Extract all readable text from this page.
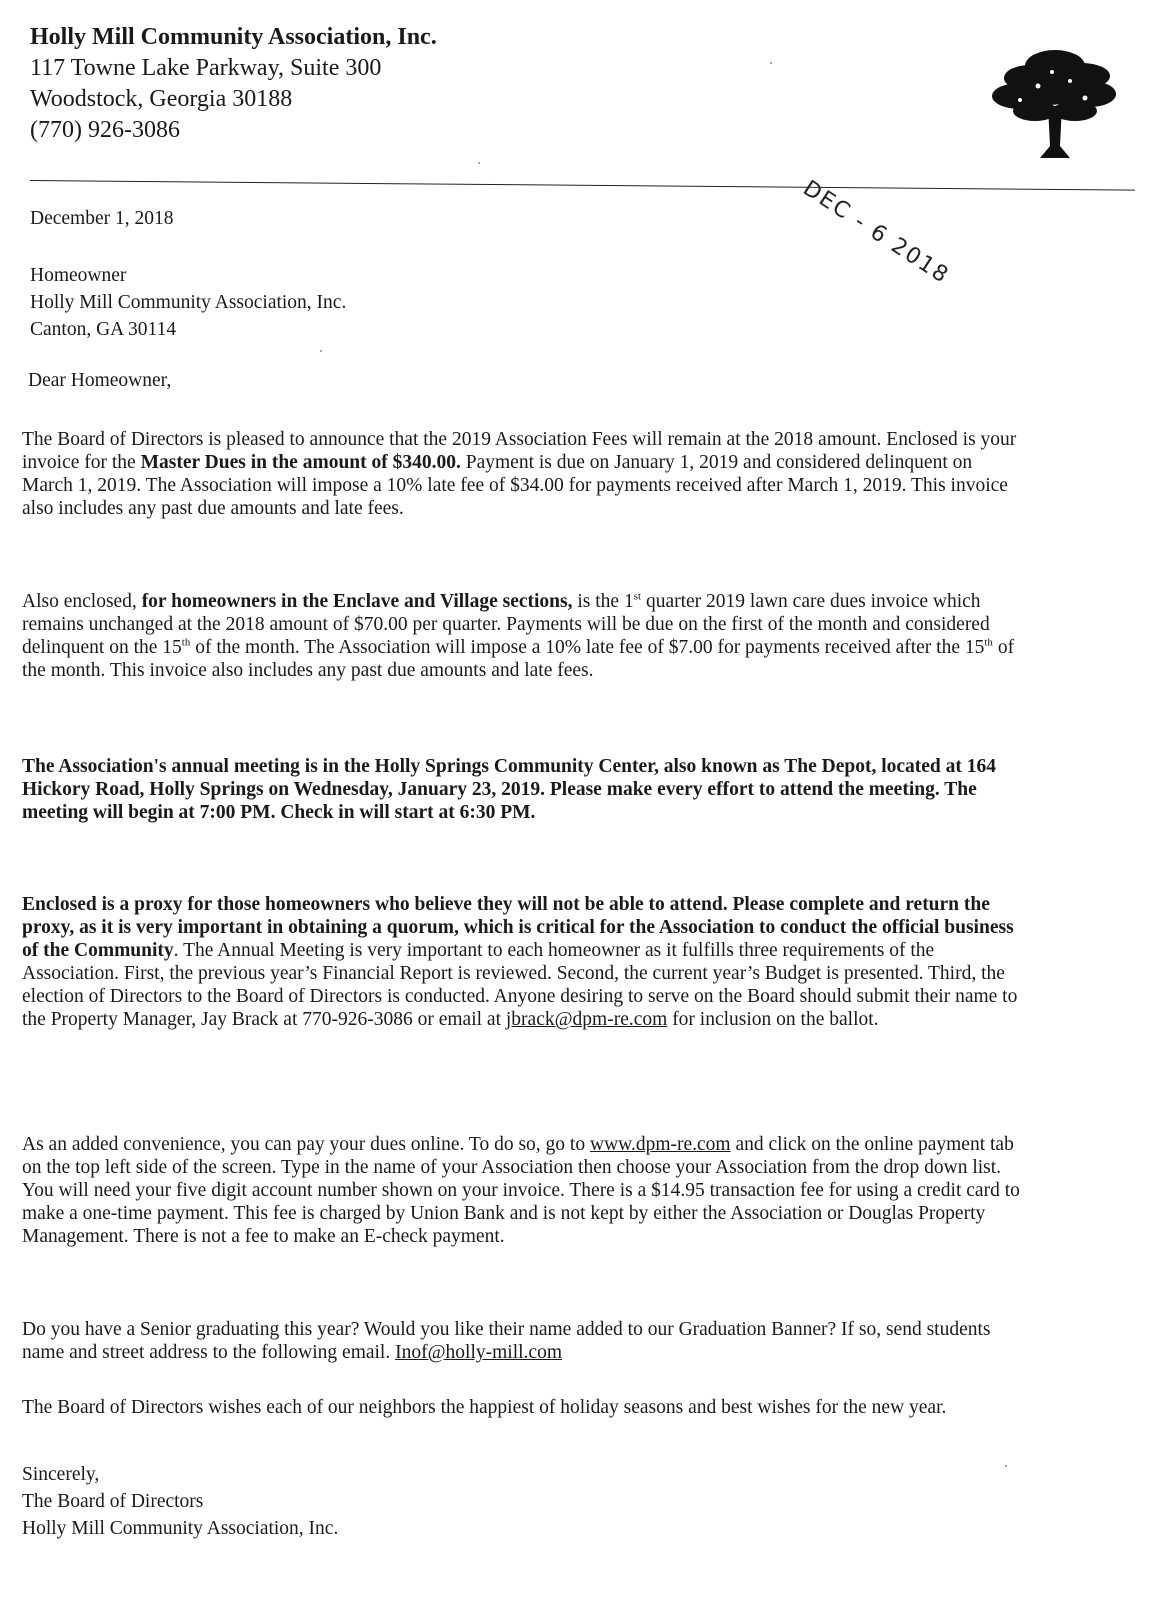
Holly Mill Community Association, Inc.
117 Towne Lake Parkway, Suite 300
Woodstock, Georgia 30188
(770) 926-3086
DEC - 6 2018
December 1, 2018
Homeowner
Holly Mill Community Association, Inc.
Canton, GA 30114
Dear Homeowner,
The Board of Directors is pleased to announce that the 2019 Association Fees will remain at the 2018 amount. Enclosed is your invoice for the Master Dues in the amount of $340.00. Payment is due on January 1, 2019 and considered delinquent on March 1, 2019. The Association will impose a 10% late fee of $34.00 for payments received after March 1, 2019. This invoice also includes any past due amounts and late fees.
Also enclosed, for homeowners in the Enclave and Village sections, is the 1st quarter 2019 lawn care dues invoice which remains unchanged at the 2018 amount of $70.00 per quarter. Payments will be due on the first of the month and considered delinquent on the 15th of the month. The Association will impose a 10% late fee of $7.00 for payments received after the 15th of the month. This invoice also includes any past due amounts and late fees.
The Association's annual meeting is in the Holly Springs Community Center, also known as The Depot, located at 164 Hickory Road, Holly Springs on Wednesday, January 23, 2019. Please make every effort to attend the meeting. The meeting will begin at 7:00 PM. Check in will start at 6:30 PM.
Enclosed is a proxy for those homeowners who believe they will not be able to attend. Please complete and return the proxy, as it is very important in obtaining a quorum, which is critical for the Association to conduct the official business of the Community. The Annual Meeting is very important to each homeowner as it fulfills three requirements of the Association. First, the previous year’s Financial Report is reviewed. Second, the current year’s Budget is presented. Third, the election of Directors to the Board of Directors is conducted. Anyone desiring to serve on the Board should submit their name to the Property Manager, Jay Brack at 770-926-3086 or email at jbrack@dpm-re.com for inclusion on the ballot.
As an added convenience, you can pay your dues online. To do so, go to www.dpm-re.com and click on the online payment tab on the top left side of the screen. Type in the name of your Association then choose your Association from the drop down list. You will need your five digit account number shown on your invoice. There is a $14.95 transaction fee for using a credit card to make a one-time payment. This fee is charged by Union Bank and is not kept by either the Association or Douglas Property Management. There is not a fee to make an E-check payment.
Do you have a Senior graduating this year? Would you like their name added to our Graduation Banner? If so, send students name and street address to the following email. Inof@holly-mill.com
The Board of Directors wishes each of our neighbors the happiest of holiday seasons and best wishes for the new year.
Sincerely,
The Board of Directors
Holly Mill Community Association, Inc.
